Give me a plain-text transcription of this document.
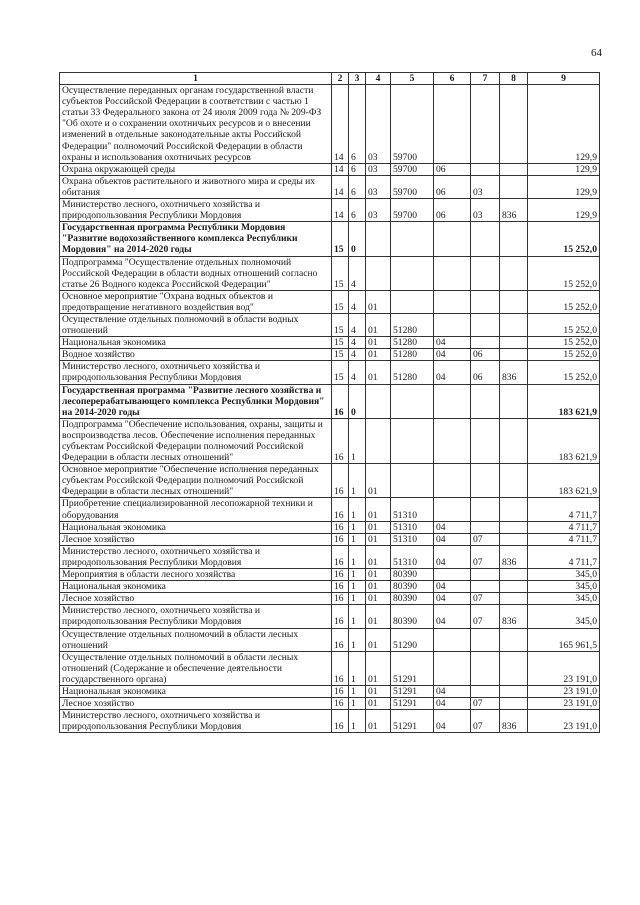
64
1	2	3	4	5	6	7	8	9
Осуществление переданных органам государственной власти субъектов Российской Федерации в соответствии с частью 1 статьи 33 Федерального закона от 24 июля 2009 года № 209-ФЗ "Об охоте и о сохранении охотничьих ресурсов и о внесении изменений в отдельные законодательные акты Российской Федерации" полномочий Российской Федерации в области охраны и использования охотничьих ресурсов	14	6	03	59700				129,9
Охрана окружающей среды	14	6	03	59700	06			129,9
Охрана объектов растительного и животного мира и среды их обитания	14	6	03	59700	06	03		129,9
Министерство лесного, охотничьего хозяйства и природопользования Республики Мордовия	14	6	03	59700	06	03	836	129,9
Государственная программа Республики Мордовия "Развитие водохозяйственного комплекса Республики Мордовия" на 2014-2020 годы	15	0						15 252,0
Подпрограмма "Осуществление отдельных полномочий Российской Федерации в области водных отношений согласно статье 26 Водного кодекса Российской Федерации"	15	4						15 252,0
Основное мероприятие "Охрана водных объектов и предотвращение негативного воздействия вод"	15	4	01					15 252,0
Осуществление отдельных полномочий в области водных отношений	15	4	01	51280				15 252,0
Национальная экономика	15	4	01	51280	04			15 252,0
Водное хозяйство	15	4	01	51280	04	06		15 252,0
Министерство лесного, охотничьего хозяйства и природопользования Республики Мордовия	15	4	01	51280	04	06	836	15 252,0
Государственная программа "Развитие лесного хозяйства и лесоперерабатывающего комплекса Республики Мордовия" на 2014-2020 годы	16	0						183 621,9
Подпрограмма "Обеспечение использования, охраны, защиты и воспроизводства лесов. Обеспечение исполнения переданных субъектам Российской Федерации полномочий Российской Федерации в области лесных отношений"	16	1						183 621,9
Основное мероприятие "Обеспечение исполнения переданных субъектам Российской Федерации полномочий Российской Федерации в области лесных отношений"	16	1	01					183 621,9
Приобретение специализированной лесопожарной техники и оборудования	16	1	01	51310				4 711,7
Национальная экономика	16	1	01	51310	04			4 711,7
Лесное хозяйство	16	1	01	51310	04	07		4 711,7
Министерство лесного, охотничьего хозяйства и природопользования Республики Мордовия	16	1	01	51310	04	07	836	4 711,7
Мероприятия в области лесного хозяйства	16	1	01	80390				345,0
Национальная экономика	16	1	01	80390	04			345,0
Лесное хозяйство	16	1	01	80390	04	07		345,0
Министерство лесного, охотничьего хозяйства и природопользования Республики Мордовия	16	1	01	80390	04	07	836	345,0
Осуществление отдельных полномочий в области лесных отношений	16	1	01	51290				165 961,5
Осуществление отдельных полномочий в области лесных отношений (Содержание и обеспечение деятельности государственного органа)	16	1	01	51291				23 191,0
Национальная экономика	16	1	01	51291	04			23 191,0
Лесное хозяйство	16	1	01	51291	04	07		23 191,0
Министерство лесного, охотничьего хозяйства и природопользования Республики Мордовия	16	1	01	51291	04	07	836	23 191,0
